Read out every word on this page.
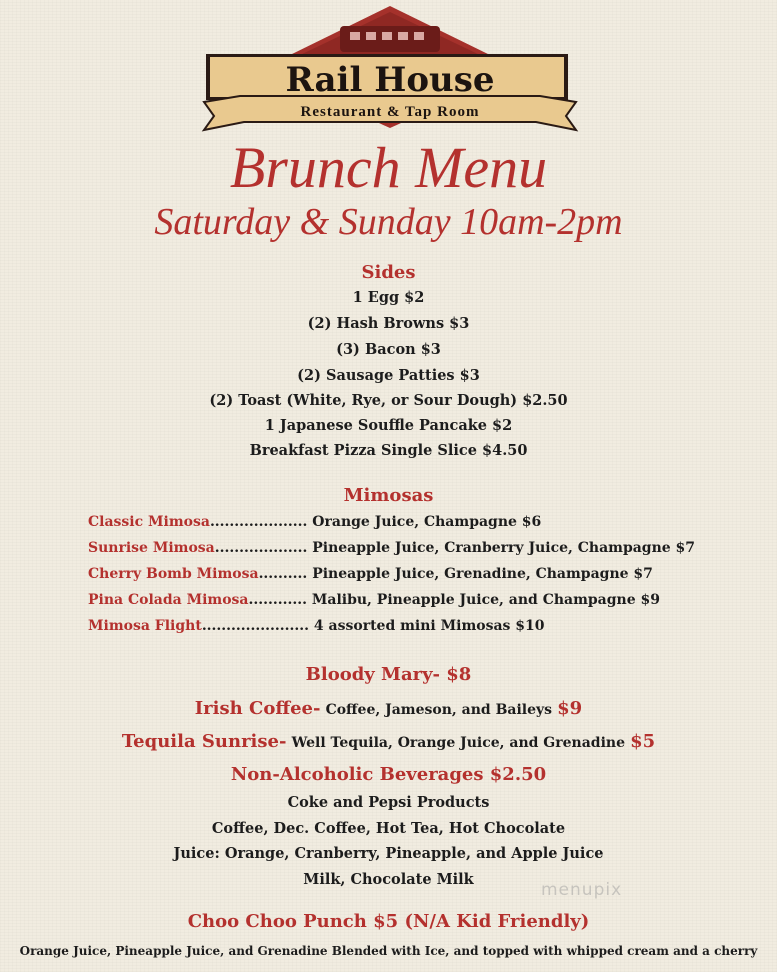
Rail House
Restaurant & Tap Room
Brunch Menu
Saturday & Sunday 10am-2pm
Sides
1 Egg $2
(2) Hash Browns $3
(3) Bacon $3
(2) Sausage Patties $3
(2) Toast (White, Rye, or Sour Dough) $2.50
1 Japanese Souffle Pancake $2
Breakfast Pizza Single Slice $4.50
Mimosas
Classic Mimosa.................... Orange Juice, Champagne $6
Sunrise Mimosa................... Pineapple Juice, Cranberry Juice, Champagne $7
Cherry Bomb Mimosa.......... Pineapple Juice, Grenadine, Champagne $7
Pina Colada Mimosa............ Malibu, Pineapple Juice, and Champagne $9
Mimosa Flight...................... 4 assorted mini Mimosas $10
Bloody Mary- $8
Irish Coffee- Coffee, Jameson, and Baileys $9
Tequila Sunrise- Well Tequila, Orange Juice, and Grenadine $5
Non-Alcoholic Beverages $2.50
Coke and Pepsi Products
Coffee, Dec. Coffee, Hot Tea, Hot Chocolate
Juice: Orange, Cranberry, Pineapple, and Apple Juice
Milk, Chocolate Milk
menupix
Choo Choo Punch $5 (N/A Kid Friendly)
Orange Juice, Pineapple Juice, and Grenadine Blended with Ice, and topped with whipped cream and a cherry
